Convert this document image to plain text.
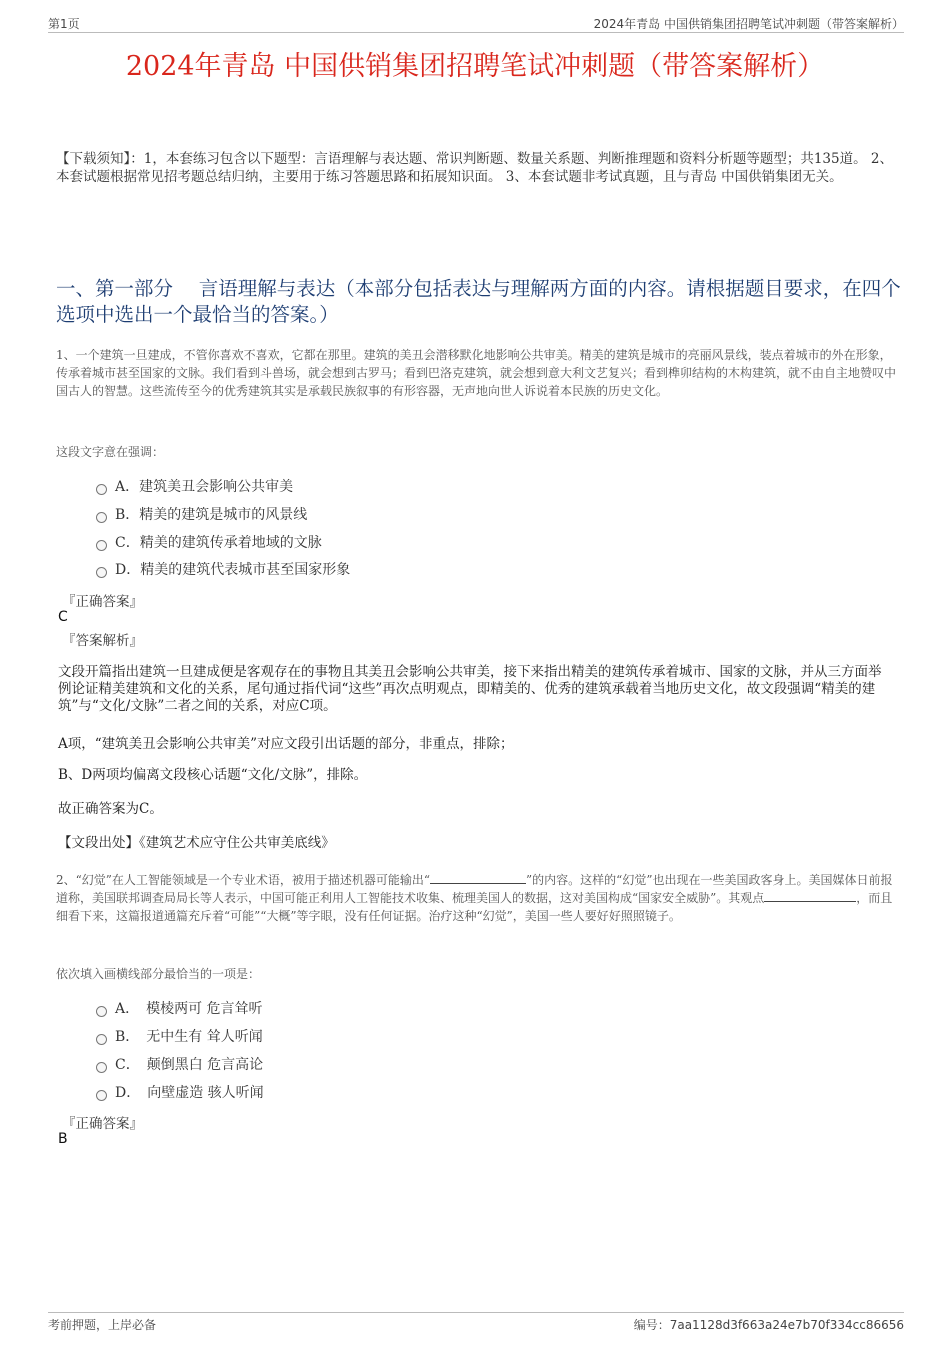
第1页	2024年青岛 中国供销集团招聘笔试冲刺题（带答案解析）
2024年青岛 中国供销集团招聘笔试冲刺题（带答案解析）
【下载须知】：1，本套练习包含以下题型：言语理解与表达题、常识判断题、数量关系题、判断推理题和资料分析题等题型；共135道。 2、本套试题根据常见招考题总结归纳，主要用于练习答题思路和拓展知识面。 3、本套试题非考试真题，且与青岛 中国供销集团无关。
一、第一部分　 言语理解与表达（本部分包括表达与理解两方面的内容。请根据题目要求，在四个选项中选出一个最恰当的答案。）
1、一个建筑一旦建成，不管你喜欢不喜欢，它都在那里。建筑的美丑会潜移默化地影响公共审美。精美的建筑是城市的亮丽风景线，装点着城市的外在形象，传承着城市甚至国家的文脉。我们看到斗兽场，就会想到古罗马；看到巴洛克建筑，就会想到意大利文艺复兴；看到榫卯结构的木构建筑，就不由自主地赞叹中国古人的智慧。这些流传至今的优秀建筑其实是承载民族叙事的有形容器，无声地向世人诉说着本民族的历史文化。
这段文字意在强调：
A．建筑美丑会影响公共审美
B．精美的建筑是城市的风景线
C．精美的建筑传承着地域的文脉
D．精美的建筑代表城市甚至国家形象
『正确答案』
C
『答案解析』
文段开篇指出建筑一旦建成便是客观存在的事物且其美丑会影响公共审美，接下来指出精美的建筑传承着城市、国家的文脉，并从三方面举例论证精美建筑和文化的关系，尾句通过指代词“这些”再次点明观点，即精美的、优秀的建筑承载着当地历史文化，故文段强调“精美的建筑”与“文化/文脉”二者之间的关系，对应C项。
A项，“建筑美丑会影响公共审美”对应文段引出话题的部分，非重点，排除；
B、D两项均偏离文段核心话题“文化/文脉”，排除。
故正确答案为C。
【文段出处】《建筑艺术应守住公共审美底线》
2、“幻觉”在人工智能领域是一个专业术语，被用于描述机器可能输出“	”的内容。这样的“幻觉”也出现在一些美国政客身上。美国媒体日前报道称，美国联邦调查局局长等人表示，中国可能正利用人工智能技术收集、梳理美国人的数据，这对美国构成“国家安全威胁”。其观点	，而且细看下来，这篇报道通篇充斥着“可能”“大概”等字眼，没有任何证据。治疗这种“幻觉”，美国一些人要好好照照镜子。
依次填入画横线部分最恰当的一项是：
A．　模棱两可 危言耸听
B．　无中生有 耸人听闻
C．　颠倒黑白 危言高论
D．　向壁虚造 骇人听闻
『正确答案』
B
考前押题，上岸必备	编号：7aa1128d3f663a24e7b70f334cc86656
